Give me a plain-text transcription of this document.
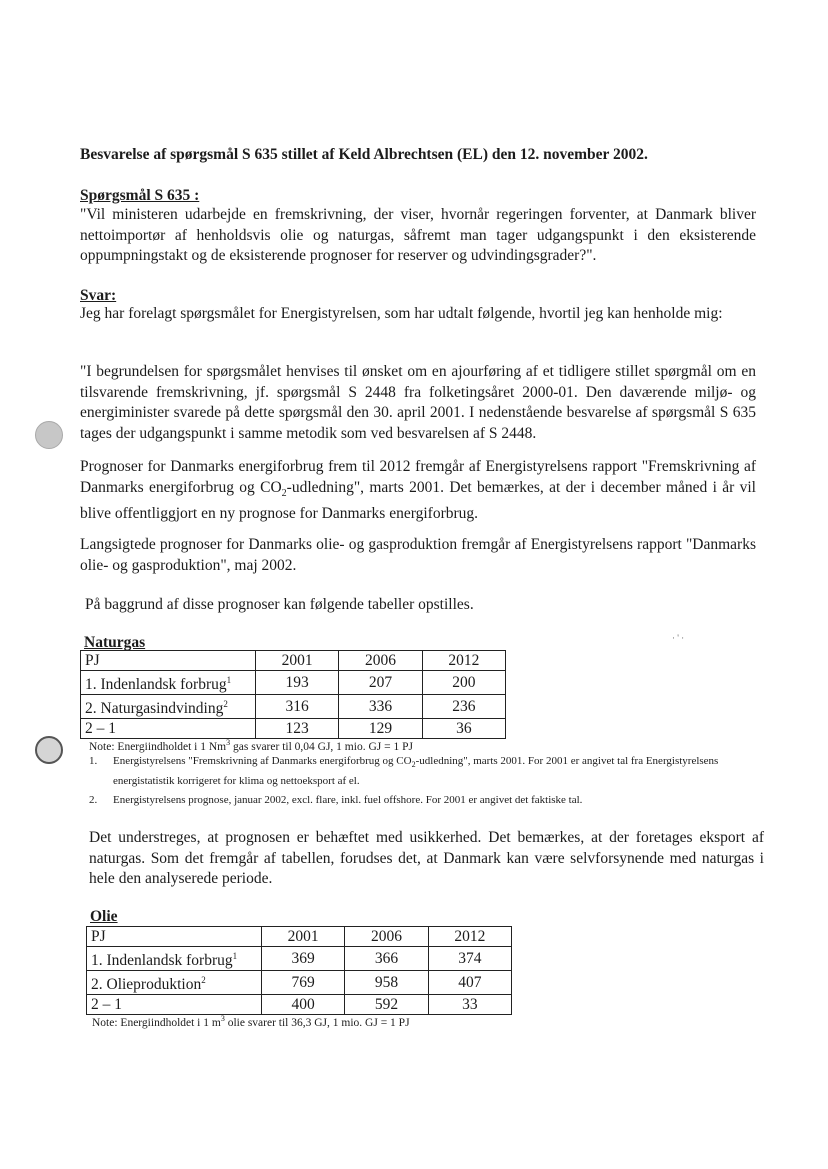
Besvarelse af spørgsmål S 635 stillet af Keld Albrechtsen (EL) den 12. november 2002.
Spørgsmål S 635 :
"Vil ministeren udarbejde en fremskrivning, der viser, hvornår regeringen forventer, at Danmark bliver nettoimportør af henholdsvis olie og naturgas, såfremt man tager udgangspunkt i den eksisterende oppumpningstakt og de eksisterende prognoser for reserver og udvindingsgrader?".
Svar:
Jeg har forelagt spørgsmålet for Energistyrelsen, som har udtalt følgende, hvortil jeg kan henholde mig:
"I begrundelsen for spørgsmålet henvises til ønsket om en ajourføring af et tidligere stillet spørgmål om en tilsvarende fremskrivning, jf. spørgsmål S 2448 fra folketingsåret 2000-01. Den daværende miljø- og energiminister svarede på dette spørgsmål den 30. april 2001. I nedenstående besvarelse af spørgsmål S 635 tages der udgangspunkt i samme metodik som ved besvarelsen af S 2448.
Prognoser for Danmarks energiforbrug frem til 2012 fremgår af Energistyrelsens rapport "Fremskrivning af Danmarks energiforbrug og $CO_2$-udledning", marts 2001. Det bemærkes, at der i december måned i år vil blive offentliggjort en ny prognose for Danmarks energiforbrug.
Langsigtede prognoser for Danmarks olie- og gasproduktion fremgår af Energistyrelsens rapport "Danmarks olie- og gasproduktion", maj 2002.
På baggrund af disse prognoser kan følgende tabeller opstilles.
Naturgas	· ' ·
PJ	2001	2006	2012
1. Indenlandsk forbrug$^1$	193	207	200
2. Naturgasindvinding$^2$	316	336	236
2 – 1	123	129	36
Note: Energiindholdet i 1 Nm$^3$ gas svarer til 0,04 GJ, 1 mio. GJ = 1 PJ
1. Energistyrelsens "Fremskrivning af Danmarks energiforbrug og $CO_2$-udledning", marts 2001. For 2001 er angivet tal fra Energistyrelsens energistatistik korrigeret for klima og nettoeksport af el.
2. Energistyrelsens prognose, januar 2002, excl. flare, inkl. fuel offshore. For 2001 er angivet det faktiske tal.
Det understreges, at prognosen er behæftet med usikkerhed. Det bemærkes, at der foretages eksport af naturgas. Som det fremgår af tabellen, forudses det, at Danmark kan være selvforsynende med naturgas i hele den analyserede periode.
Olie
PJ	2001	2006	2012
1. Indenlandsk forbrug$^1$	369	366	374
2. Olieproduktion$^2$	769	958	407
2 – 1	400	592	33
Note: Energiindholdet i 1 $m^3$ olie svarer til 36,3 GJ, 1 mio. GJ = 1 PJ
